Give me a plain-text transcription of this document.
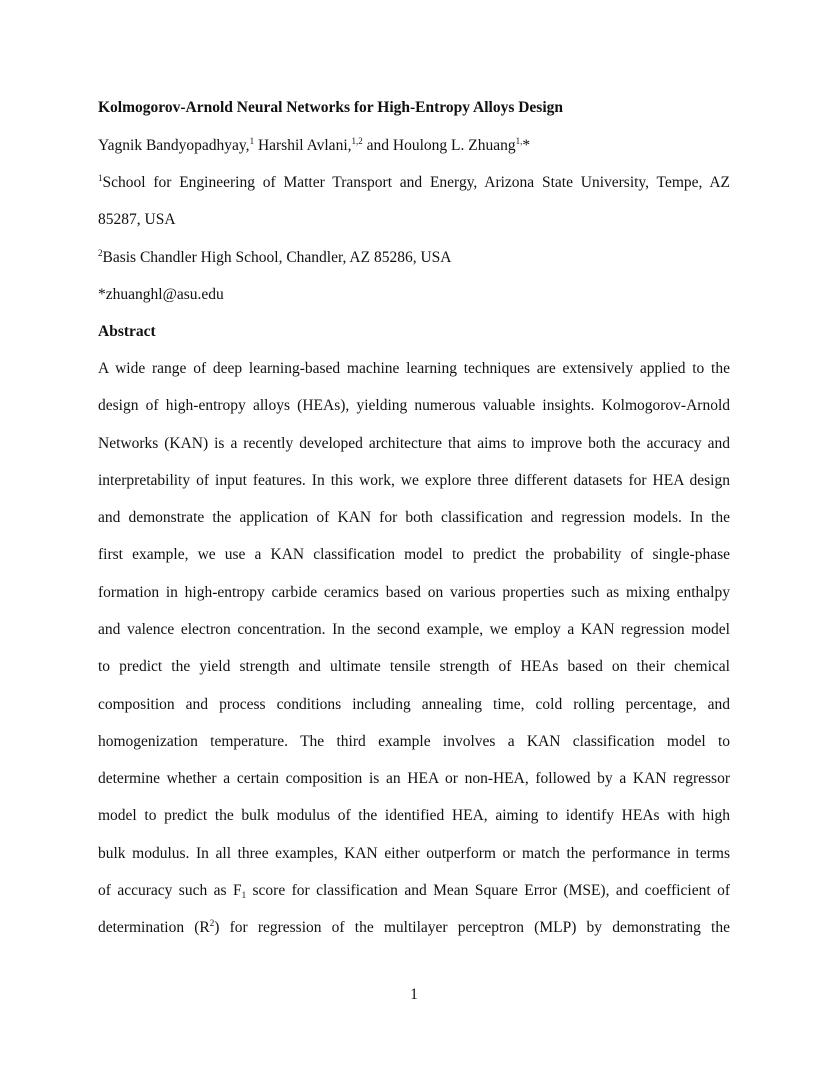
Kolmogorov-Arnold Neural Networks for High-Entropy Alloys Design
Yagnik Bandyopadhyay,$^1$ Harshil Avlani,$^{1,2}$ and Houlong L. Zhuang$^{1,}$*
$^1$School for Engineering of Matter Transport and Energy, Arizona State University, Tempe, AZ
85287, USA
$^2$Basis Chandler High School, Chandler, AZ 85286, USA
*zhuanghl@asu.edu
Abstract
A wide range of deep learning-based machine learning techniques are extensively applied to the
design of high-entropy alloys (HEAs), yielding numerous valuable insights. Kolmogorov-Arnold
Networks (KAN) is a recently developed architecture that aims to improve both the accuracy and
interpretability of input features. In this work, we explore three different datasets for HEA design
and demonstrate the application of KAN for both classification and regression models. In the
first example, we use a KAN classification model to predict the probability of single-phase
formation in high-entropy carbide ceramics based on various properties such as mixing enthalpy
and valence electron concentration. In the second example, we employ a KAN regression model
to predict the yield strength and ultimate tensile strength of HEAs based on their chemical
composition and process conditions including annealing time, cold rolling percentage, and
homogenization temperature. The third example involves a KAN classification model to
determine whether a certain composition is an HEA or non-HEA, followed by a KAN regressor
model to predict the bulk modulus of the identified HEA, aiming to identify HEAs with high
bulk modulus. In all three examples, KAN either outperform or match the performance in terms
of accuracy such as $F_1$ score for classification and Mean Square Error (MSE), and coefficient of
determination $(R^2)$ for regression of the multilayer perceptron (MLP) by demonstrating the
1
